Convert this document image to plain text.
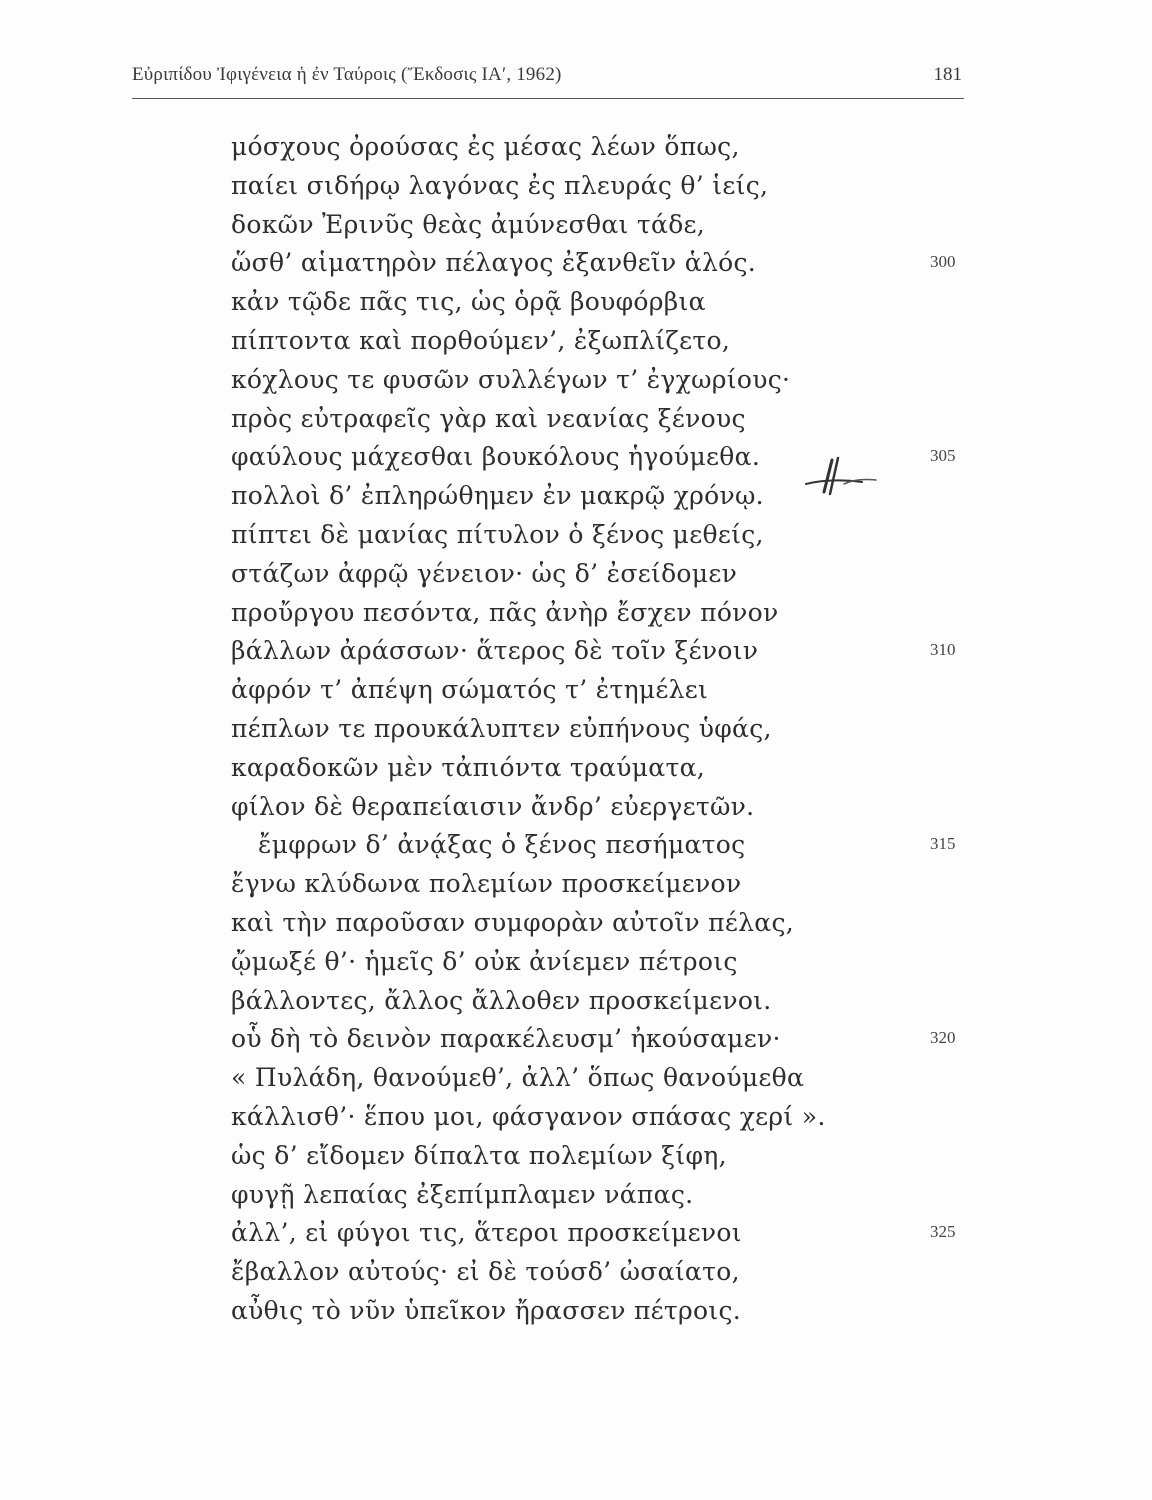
Εὐριπίδου Ἰφιγένεια ἡ ἐν Ταύροις (Ἔκδοσις ΙΑ′, 1962)	181
μόσχους ὀρούσας ἐς μέσας λέων ὅπως,
παίει σιδήρῳ λαγόνας ἐς πλευράς θ’ ἱείς,
δοκῶν Ἐρινῦς θεὰς ἀμύνεσθαι τάδε,
ὥσθ’ αἱματηρὸν πέλαγος ἐξανθεῖν ἁλός.	300
κἀν τῷδε πᾶς τις, ὡς ὁρᾷ βουφόρβια
πίπτοντα καὶ πορθούμεν’, ἐξωπλίζετο,
κόχλους τε φυσῶν συλλέγων τ’ ἐγχωρίους·
πρὸς εὐτραφεῖς γὰρ καὶ νεανίας ξένους
φαύλους μάχεσθαι βουκόλους ἡγούμεθα.	305
πολλοὶ δ’ ἐπληρώθημεν ἐν μακρῷ χρόνῳ.
πίπτει δὲ μανίας πίτυλον ὁ ξένος μεθείς,
στάζων ἀφρῷ γένειον· ὡς δ’ ἐσείδομεν
προὔργου πεσόντα, πᾶς ἀνὴρ ἔσχεν πόνον
βάλλων ἀράσσων· ἅτερος δὲ τοῖν ξένοιν	310
ἀφρόν τ’ ἀπέψη σώματός τ’ ἐτημέλει
πέπλων τε προυκάλυπτεν εὐπήνους ὑφάς,
καραδοκῶν μὲν τἀπιόντα τραύματα,
φίλον δὲ θεραπείαισιν ἄνδρ’ εὐεργετῶν.
ἔμφρων δ’ ἀνᾴξας ὁ ξένος πεσήματος	315
ἔγνω κλύδωνα πολεμίων προσκείμενον
καὶ τὴν παροῦσαν συμφορὰν αὐτοῖν πέλας,
ᾤμωξέ θ’· ἡμεῖς δ’ οὐκ ἀνίεμεν πέτροις
βάλλοντες, ἄλλος ἄλλοθεν προσκείμενοι.
οὗ δὴ τὸ δεινὸν παρακέλευσμ’ ἠκούσαμεν·	320
« Πυλάδη, θανούμεθ’, ἀλλ’ ὅπως θανούμεθα
κάλλισθ’· ἕπου μοι, φάσγανον σπάσας χερί ».
ὡς δ’ εἴδομεν δίπαλτα πολεμίων ξίφη,
φυγῇ λεπαίας ἐξεπίμπλαμεν νάπας.
ἀλλ’, εἰ φύγοι τις, ἅτεροι προσκείμενοι	325
ἔβαλλον αὐτούς· εἰ δὲ τούσδ’ ὠσαίατο,
αὖθις τὸ νῦν ὑπεῖκον ἤρασσεν πέτροις.
